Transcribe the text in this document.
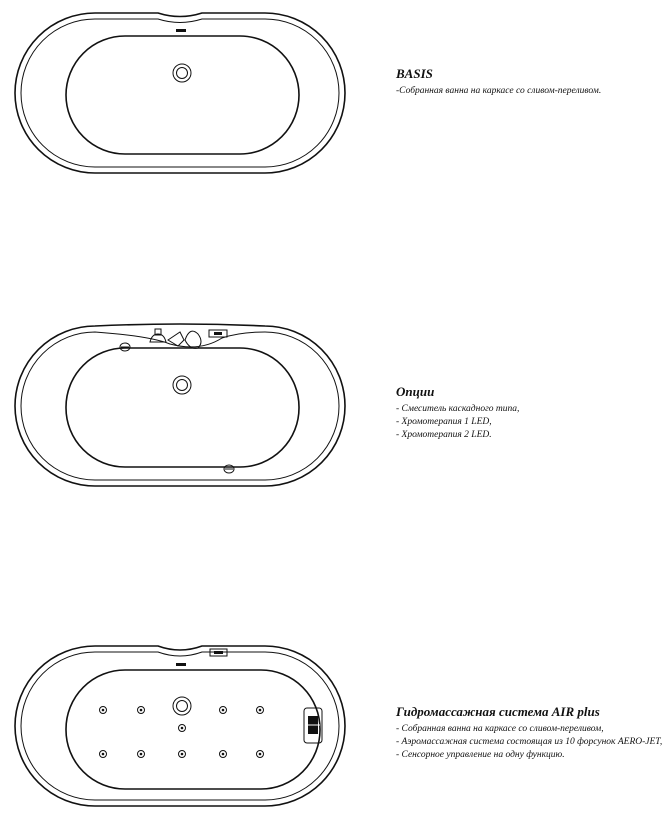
BASIS
-Собранная ванна на каркасе со сливом-переливом.
Опции
- Смеситель каскадного типа,
- Хромотерапия 1 LED,
- Хромотерапия 2 LED.
Гидромассажная система AIR plus
- Собранная ванна на каркасе со сливом-переливом,
- Аэромассажная система состоящая из 10 форсунок AERO-JET,
- Сенсорное управление на одну функцию.
